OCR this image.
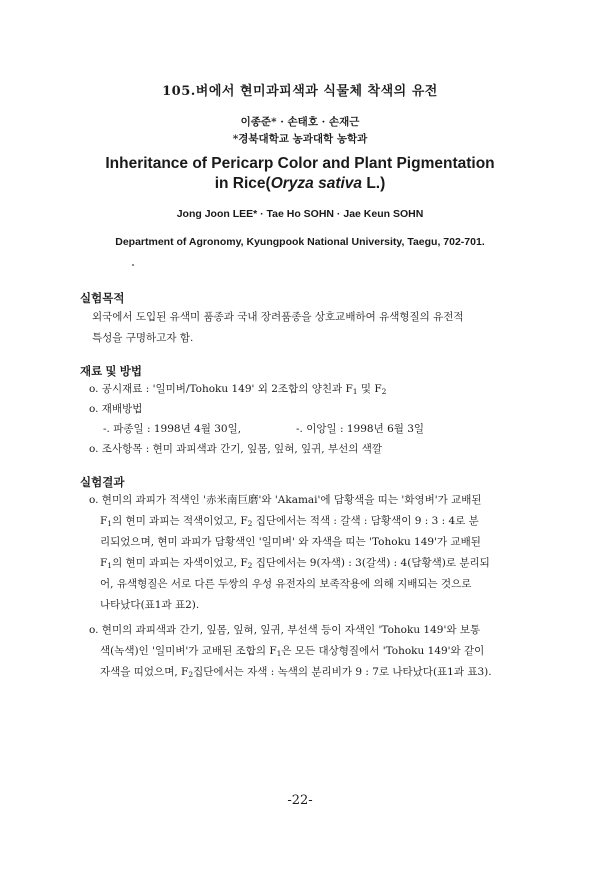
105.벼에서 현미과피색과 식물체 착색의 유전
이종준* · 손태호 · 손재근
*경북대학교 농과대학 농학과
Inheritance of Pericarp Color and Plant Pigmentation
in Rice(Oryza sativa L.)
Jong Joon LEE* · Tae Ho SOHN · Jae Keun SOHN
Department of Agronomy, Kyungpook National University, Taegu, 702-701.
실험목적
외국에서 도입된 유색미 품종과 국내 장려품종을 상호교배하여 유색형질의 유전적
특성을 구명하고자 함.
재료 및 방법
o. 공시재료 : '일미벼/Tohoku 149' 외 2조합의 양친과 $F_1$ 및 $F_2$
o. 재배방법
-. 파종일 : 1998년 4월 30일,	-. 이앙일 : 1998년 6월 3일
o. 조사항목 : 현미 과피색과 간기, 잎몸, 잎혀, 잎귀, 부선의 색깔
실험결과
o. 현미의 과피가 적색인 '赤米南巨磨'와 'Akamai'에 담황색을 띠는 '화영벼'가 교배된
$F_1$의 현미 과피는 적색이었고, $F_2$ 집단에서는 적색 : 갈색 : 담황색이 9 : 3 : 4로 분
리되었으며, 현미 과피가 담황색인 '일미벼' 와 자색을 띠는 'Tohoku 149'가 교배된
$F_1$의 현미 과피는 자색이었고, $F_2$ 집단에서는 9(자색) : 3(갈색) : 4(담황색)로 분리되
어, 유색형질은 서로 다른 두쌍의 우성 유전자의 보족작용에 의해 지배되는 것으로
나타났다(표1과 표2).
o. 현미의 과피색과 간기, 잎몸, 잎혀, 잎귀, 부선색 등이 자색인 'Tohoku 149'와 보통
색(녹색)인 '일미벼'가 교배된 조합의 $F_1$은 모든 대상형질에서 'Tohoku 149'와 같이
자색을 띠었으며, $F_2$집단에서는 자색 : 녹색의 분리비가 9 : 7로 나타났다(표1과 표3).
-22-
